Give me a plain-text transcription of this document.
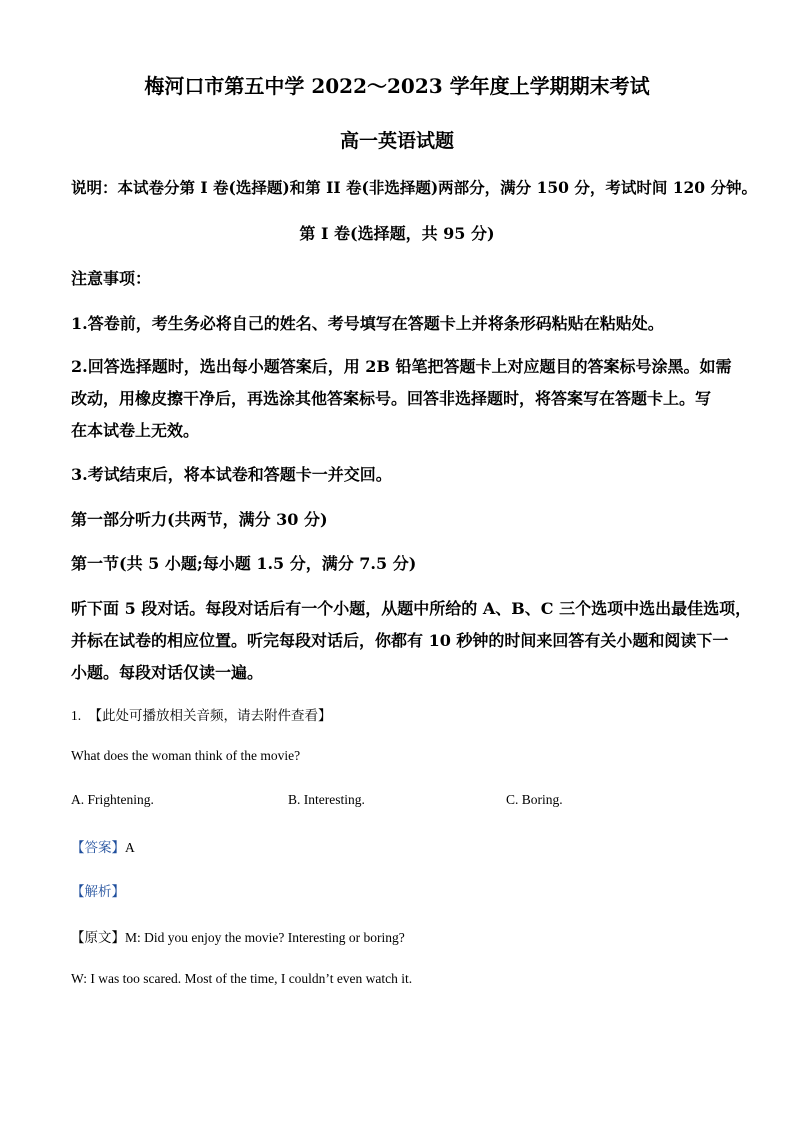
梅河口市第五中学 2022～2023 学年度上学期期末考试
高一英语试题
说明：本试卷分第 I 卷(选择题)和第 II 卷(非选择题)两部分，满分 150 分，考试时间 120 分钟。
第 I 卷(选择题，共 95 分)
注意事项：
1.答卷前，考生务必将自己的姓名、考号填写在答题卡上并将条形码粘贴在粘贴处。
2.回答选择题时，选出每小题答案后，用 2B 铅笔把答题卡上对应题目的答案标号涂黑。如需
改动，用橡皮擦干净后，再选涂其他答案标号。回答非选择题时，将答案写在答题卡上。写
在本试卷上无效。
3.考试结束后，将本试卷和答题卡一并交回。
第一部分听力(共两节，满分 30 分)
第一节(共 5 小题;每小题 1.5 分，满分 7.5 分)
听下面 5 段对话。每段对话后有一个小题，从题中所给的 A、B、C 三个选项中选出最佳选项，
并标在试卷的相应位置。听完每段对话后，你都有 10 秒钟的时间来回答有关小题和阅读下一
小题。每段对话仅读一遍。
1. 【此处可播放相关音频，请去附件查看】
What does the woman think of the movie?
A. Frightening.	B. Interesting.	C. Boring.
【答案】A
【解析】
【原文】M: Did you enjoy the movie? Interesting or boring?
W: I was too scared. Most of the time, I couldn’t even watch it.
